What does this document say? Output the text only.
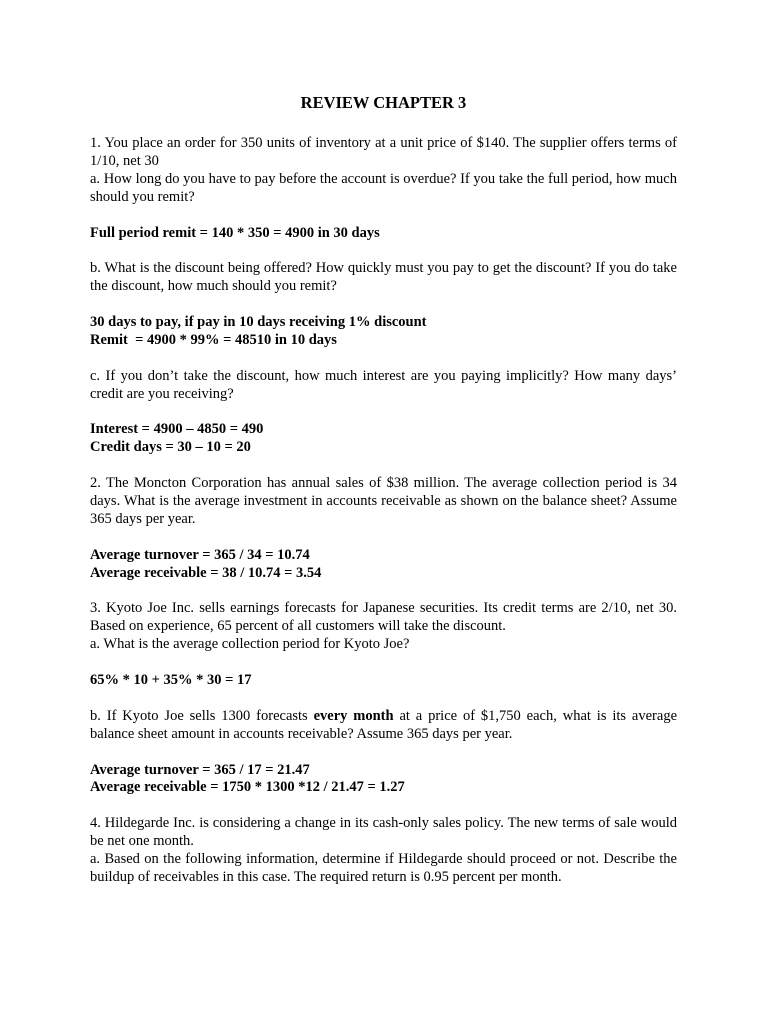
REVIEW CHAPTER 3
1. You place an order for 350 units of inventory at a unit price of $140. The supplier offers terms of 1/10, net 30
a. How long do you have to pay before the account is overdue? If you take the full period, how much should you remit?
Full period remit = 140 * 350 = 4900 in 30 days
b. What is the discount being offered? How quickly must you pay to get the discount? If you do take the discount, how much should you remit?
30 days to pay, if pay in 10 days receiving 1% discount
Remit  = 4900 * 99% = 48510 in 10 days
c. If you don’t take the discount, how much interest are you paying implicitly? How many days’ credit are you receiving?
Interest = 4900 – 4850 = 490
Credit days = 30 – 10 = 20
2. The Moncton Corporation has annual sales of $38 million. The average collection period is 34 days. What is the average investment in accounts receivable as shown on the balance sheet? Assume 365 days per year.
Average turnover = 365 / 34 = 10.74
Average receivable = 38 / 10.74 = 3.54
3. Kyoto Joe Inc. sells earnings forecasts for Japanese securities. Its credit terms are 2/10, net 30. Based on experience, 65 percent of all customers will take the discount.
a. What is the average collection period for Kyoto Joe?
65% * 10 + 35% * 30 = 17
b. If Kyoto Joe sells 1300 forecasts every month at a price of $1,750 each, what is its average balance sheet amount in accounts receivable? Assume 365 days per year.
Average turnover = 365 / 17 = 21.47
Average receivable = 1750 * 1300 *12 / 21.47 = 1.27
4. Hildegarde Inc. is considering a change in its cash-only sales policy. The new terms of sale would be net one month.
a. Based on the following information, determine if Hildegarde should proceed or not. Describe the buildup of receivables in this case. The required return is 0.95 percent per month.
